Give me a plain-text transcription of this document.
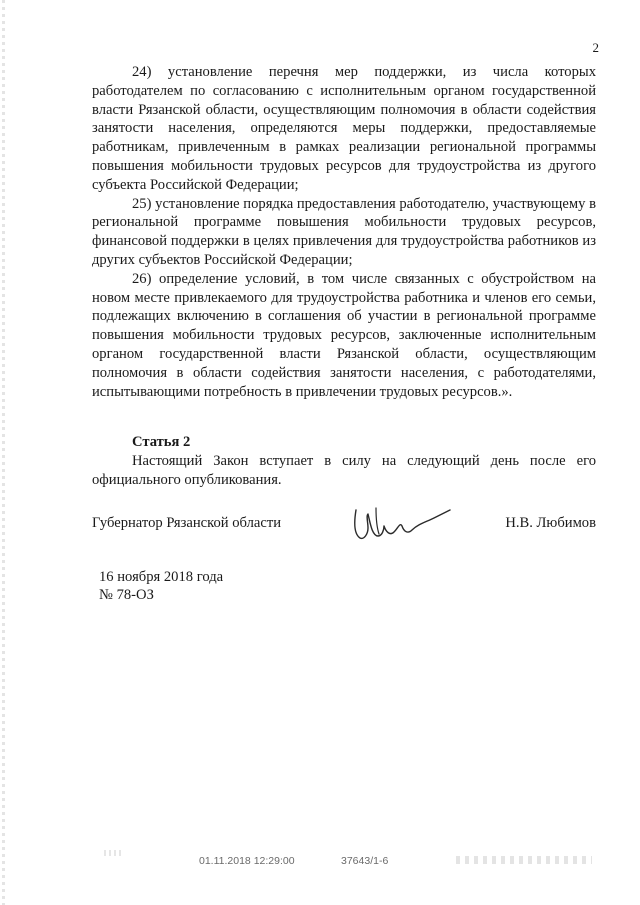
2

24) установление перечня мер поддержки, из числа которых работодателем по согласованию с исполнительным органом государственной власти Рязанской области, осуществляющим полномочия в области содействия занятости населения, определяются меры поддержки, предоставляемые работникам, привлеченным в рамках реализации региональной программы повышения мобильности трудовых ресурсов для трудоустройства из другого субъекта Российской Федерации;

25) установление порядка предоставления работодателю, участвующему в региональной программе повышения мобильности трудовых ресурсов, финансовой поддержки в целях привлечения для трудоустройства работников из других субъектов Российской Федерации;

26) определение условий, в том числе связанных с обустройством на новом месте привлекаемого для трудоустройства работника и членов его семьи, подлежащих включению в соглашения об участии в региональной программе повышения мобильности трудовых ресурсов, заключенные исполнительным органом государственной власти Рязанской области, осуществляющим полномочия в области содействия занятости населения, с работодателями, испытывающими потребность в привлечении трудовых ресурсов.».

Статья 2

Настоящий Закон вступает в силу на следующий день после его официального опубликования.

Губернатор Рязанской области	Н.В. Любимов
16 ноября 2018 года
№ 78-ОЗ
01.11.2018 12:29:00	37643/1-6
